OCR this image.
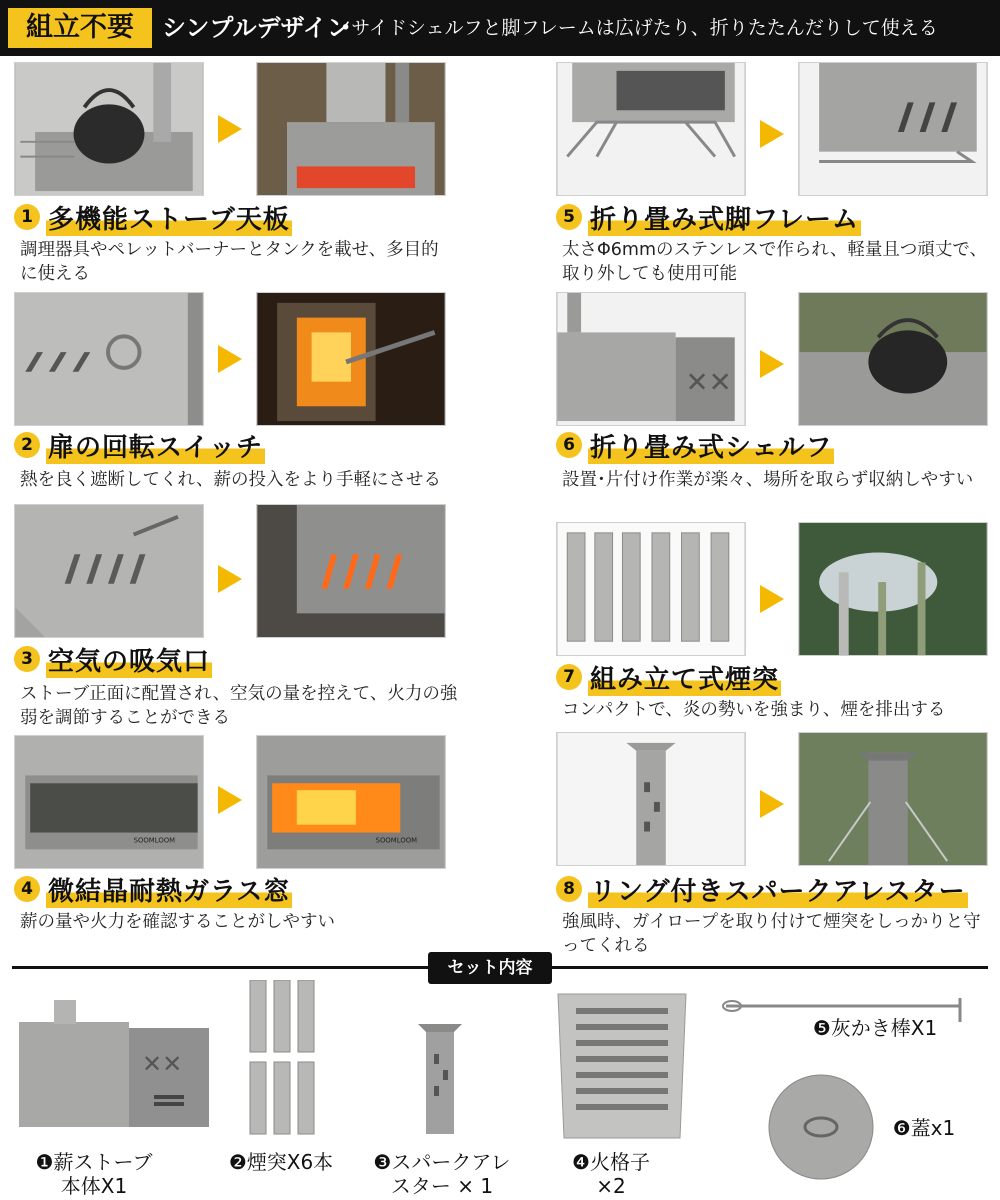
組立不要	シンプルデザイン
•サイドシェルフと脚フレームは広げたり、折りたたんだりして使える
1 多機能ストーブ天板
調理器具やペレットバーナーとタンクを載せ、多目的に使える
2 扉の回転スイッチ
熱を良く遮断してくれ、薪の投入をより手軽にさせる
3 空気の吸気口
ストーブ正面に配置され、空気の量を控えて、火力の強弱を調節することができる
SOOMLOOM	SOOMLOOM
4 微結晶耐熱ガラス窓
薪の量や火力を確認することがしやすい
5 折り畳み式脚フレーム
太さΦ6mmのステンレスで作られ、軽量且つ頑丈で、取り外しても使用可能
✕✕
6 折り畳み式シェルフ
設置･片付け作業が楽々、場所を取らず収納しやすい
7 組み立て式煙突
コンパクトで、炎の勢いを強まり、煙を排出する
8 リング付きスパークアレスター
強風時、ガイロープを取り付けて煙突をしっかりと守ってくれる
セット内容
✕✕
❶薪ストーブ
本体X1
❷煙突X6本	❸スパークアレ
スター × 1
❹火格子
×2
❺灰かき棒X1
❻蓋x1
